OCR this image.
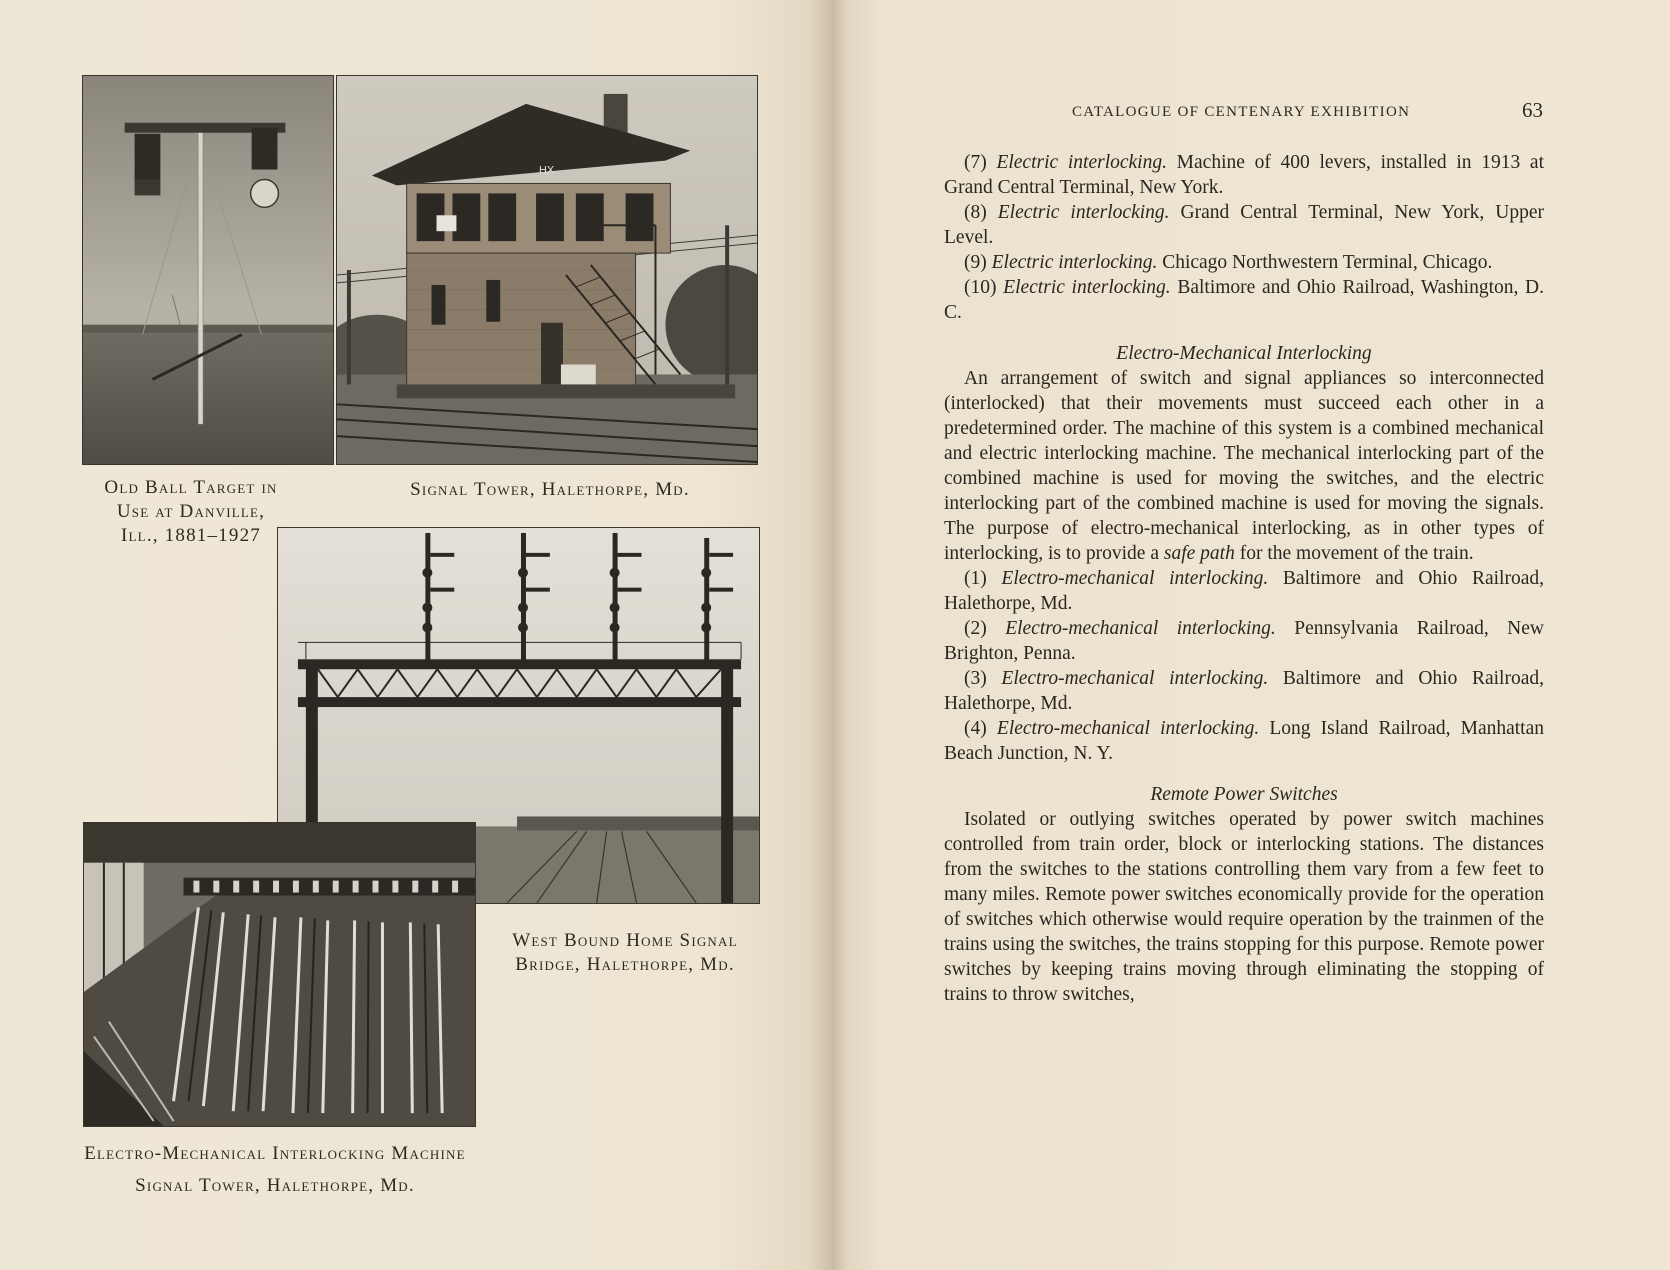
HX
Old Ball Target in
Use at Danville,
Ill., 1881–1927
Signal Tower, Halethorpe, Md.
West Bound Home Signal
Bridge, Halethorpe, Md.
Electro-Mechanical Interlocking Machine
Signal Tower, Halethorpe, Md.
CATALOGUE OF CENTENARY EXHIBITION	63

(7) Electric interlocking. Machine of 400 levers, installed in 1913 at Grand Central Terminal, New York.

(8) Electric interlocking. Grand Central Terminal, New York, Upper Level.

(9) Electric interlocking. Chicago Northwestern Terminal, Chicago.

(10) Electric interlocking. Baltimore and Ohio Railroad, Washington, D. C.

Electro-Mechanical Interlocking

An arrangement of switch and signal appliances so interconnected (interlocked) that their movements must succeed each other in a predetermined order. The machine of this system is a combined mechanical and electric interlocking machine. The mechanical interlocking part of the combined machine is used for moving the switches, and the electric interlocking part of the combined machine is used for moving the signals. The purpose of electro-mechanical interlocking, as in other types of interlocking, is to provide a safe path for the movement of the train.

(1) Electro-mechanical interlocking. Baltimore and Ohio Railroad, Halethorpe, Md.

(2) Electro-mechanical interlocking. Pennsylvania Railroad, New Brighton, Penna.

(3) Electro-mechanical interlocking. Baltimore and Ohio Railroad, Halethorpe, Md.

(4) Electro-mechanical interlocking. Long Island Railroad, Manhattan Beach Junction, N. Y.

Remote Power Switches

Isolated or outlying switches operated by power switch machines controlled from train order, block or interlocking stations. The distances from the switches to the stations controlling them vary from a few feet to many miles. Remote power switches economically provide for the operation of switches which otherwise would require operation by the trainmen of the trains using the switches, the trains stopping for this purpose. Remote power switches by keeping trains moving through eliminating the stopping of trains to throw switches,
